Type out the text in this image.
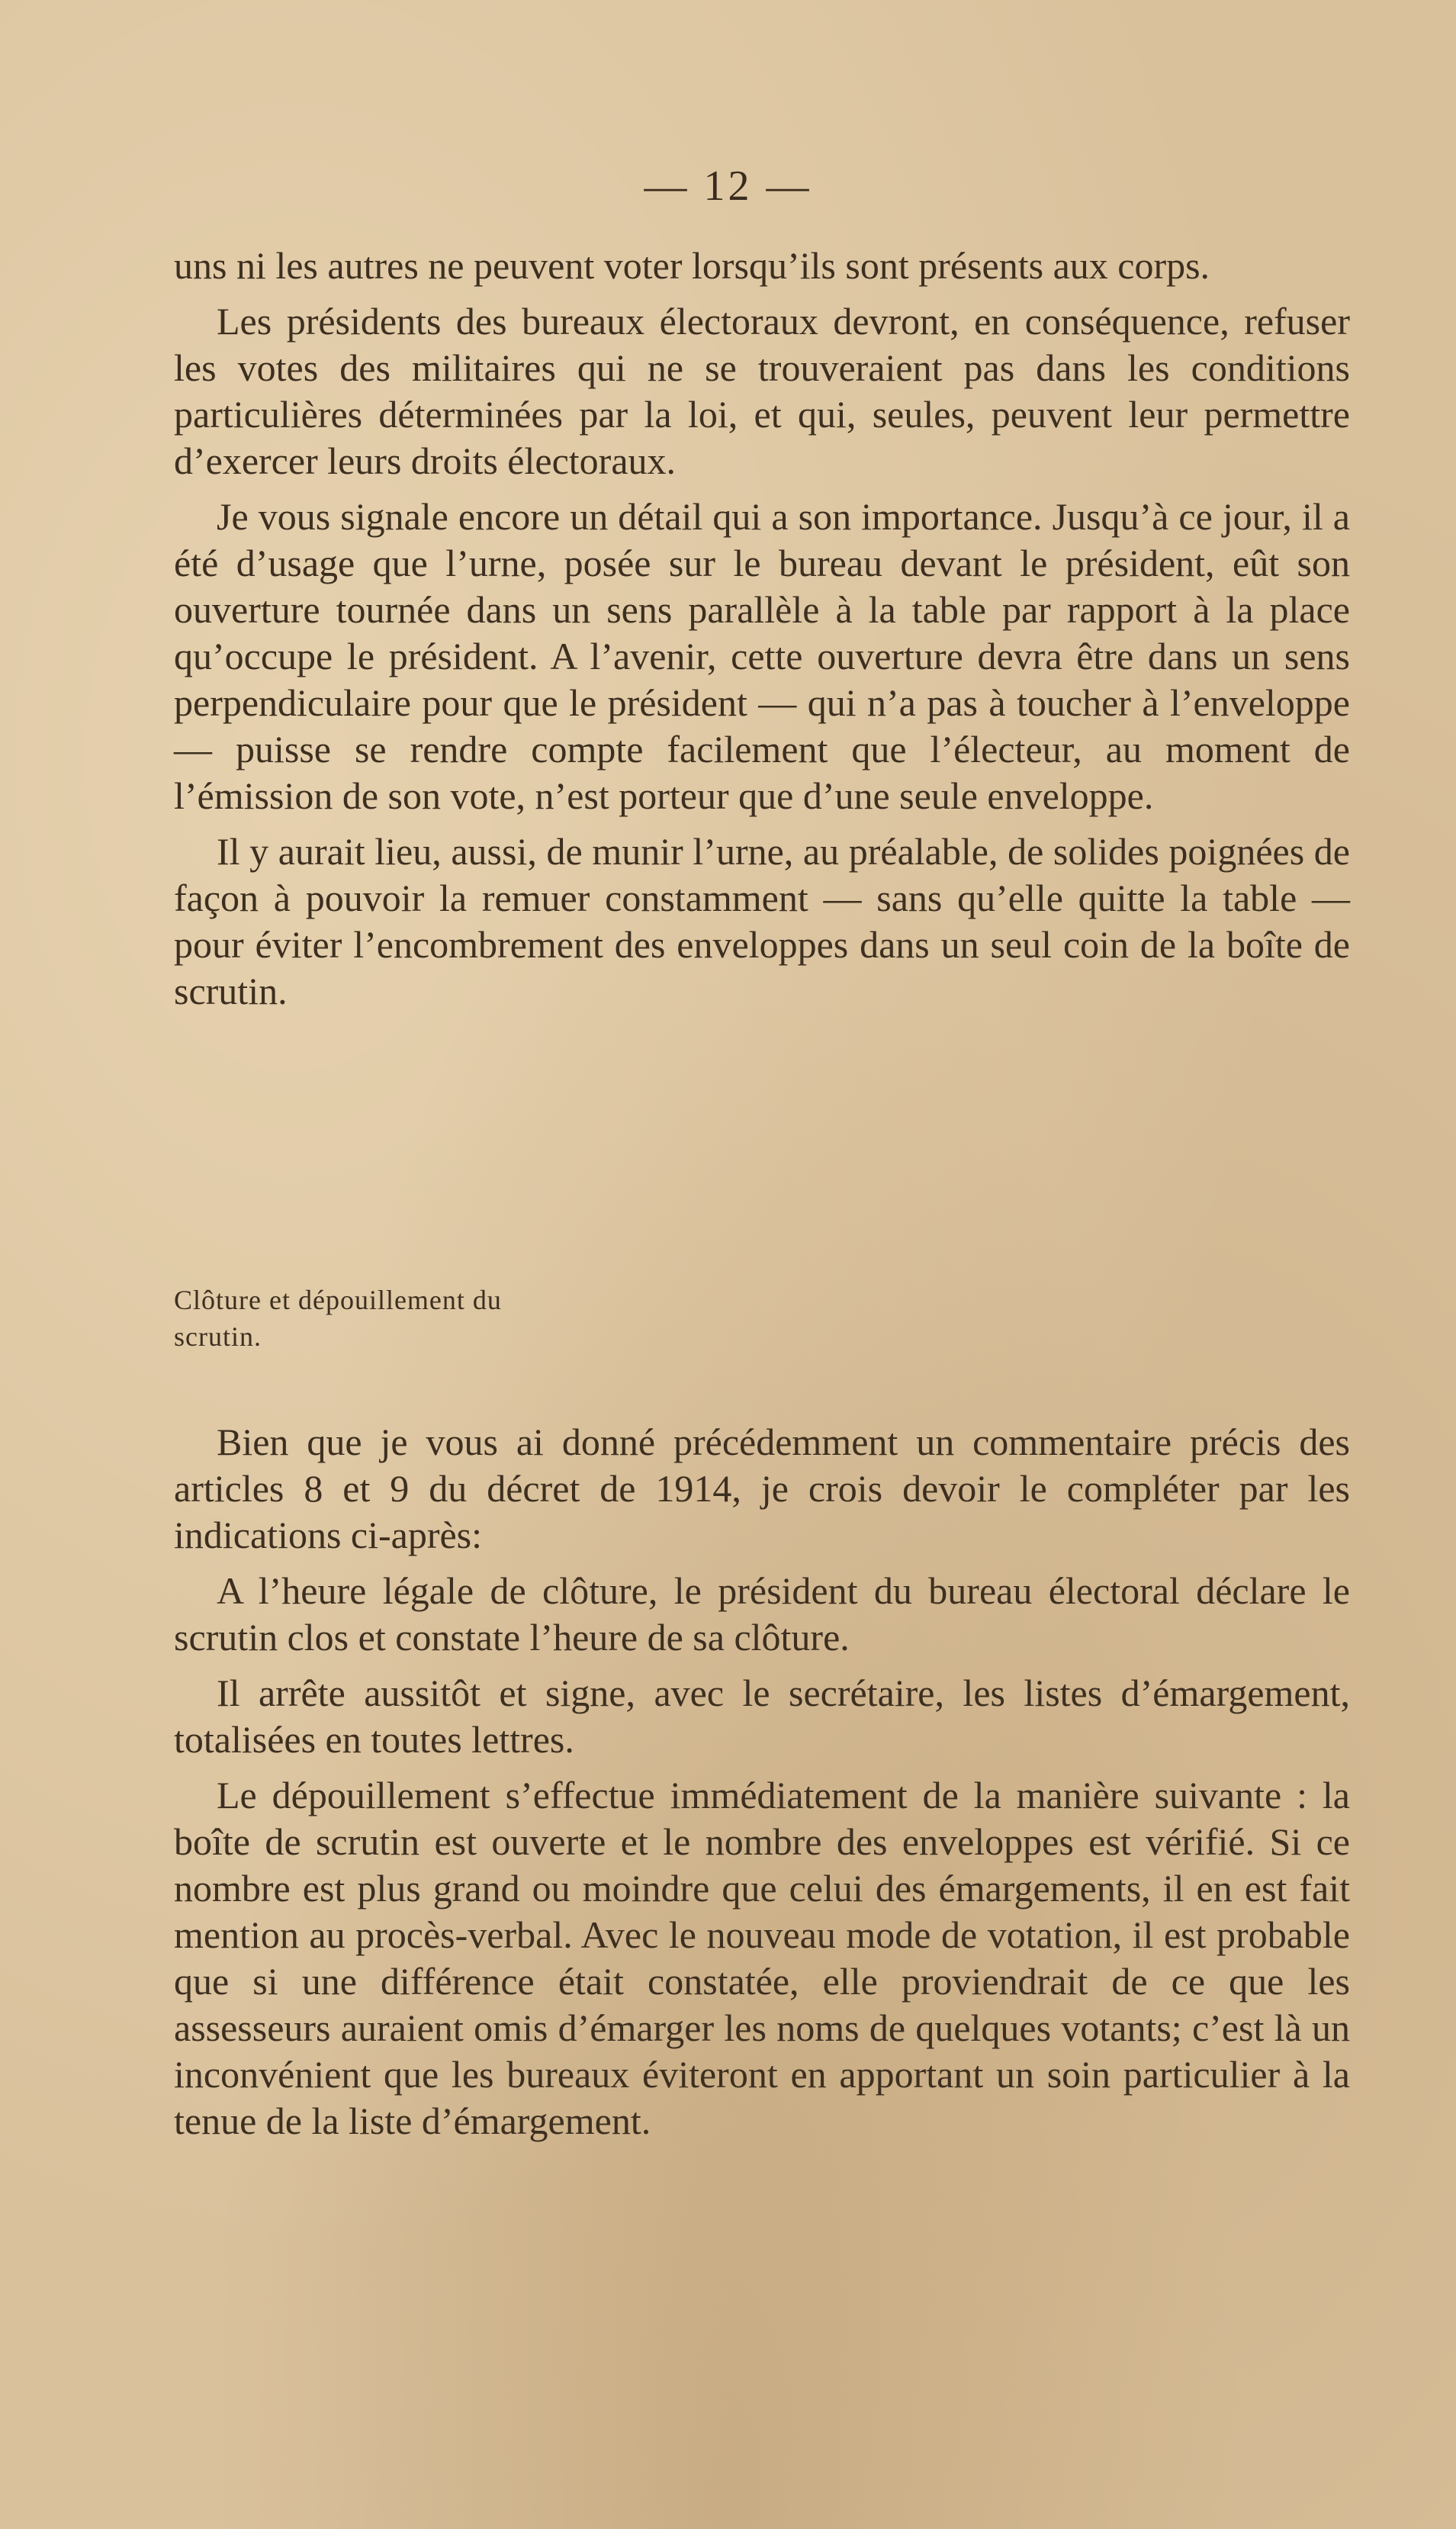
— 12 —

uns ni les autres ne peuvent voter lorsqu’ils sont présents aux corps.

Les présidents des bureaux électoraux devront, en conséquence, refuser les votes des militaires qui ne se trouveraient pas dans les conditions particulières déterminées par la loi, et qui, seules, peuvent leur permettre d’exercer leurs droits électoraux.

Je vous signale encore un détail qui a son importance. Jusqu’à ce jour, il a été d’usage que l’urne, posée sur le bureau devant le président, eût son ouverture tournée dans un sens parallèle à la table par rapport à la place qu’occupe le président. A l’avenir, cette ouverture devra être dans un sens perpendiculaire pour que le président — qui n’a pas à toucher à l’enveloppe — puisse se rendre compte facilement que l’électeur, au moment de l’émission de son vote, n’est porteur que d’une seule enveloppe.

Il y aurait lieu, aussi, de munir l’urne, au préalable, de solides poignées de façon à pouvoir la remuer constamment — sans qu’elle quitte la table — pour éviter l’encombrement des enveloppes dans un seul coin de la boîte de scrutin.

Clôture et dépouillement du scrutin.

Bien que je vous ai donné précédemment un commentaire précis des articles 8 et 9 du décret de 1914, je crois devoir le compléter par les indications ci-après:

A l’heure légale de clôture, le président du bureau électoral déclare le scrutin clos et constate l’heure de sa clôture.

Il arrête aussitôt et signe, avec le secrétaire, les listes d’émargement, totalisées en toutes lettres.

Le dépouillement s’effectue immédiatement de la manière suivante : la boîte de scrutin est ouverte et le nombre des enveloppes est vérifié. Si ce nombre est plus grand ou moindre que celui des émargements, il en est fait mention au procès-verbal. Avec le nouveau mode de votation, il est probable que si une différence était constatée, elle proviendrait de ce que les assesseurs auraient omis d’émarger les noms de quelques votants; c’est là un inconvénient que les bureaux éviteront en apportant un soin particulier à la tenue de la liste d’émargement.
